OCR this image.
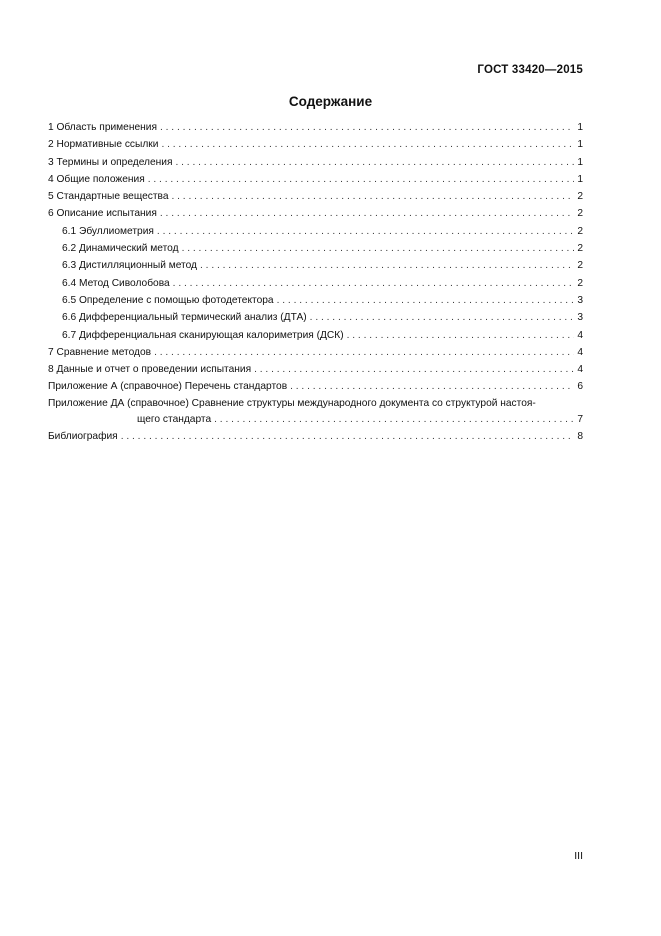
ГОСТ 33420—2015
Содержание
1 Область применения . . .	1
2 Нормативные ссылки . . .	1
3 Термины и определения . . .	1
4 Общие положения . . .	1
5 Стандартные вещества . . .	2
6 Описание испытания . . .	2
6.1 Эбуллиометрия . . .	2
6.2 Динамический метод . . .	2
6.3 Дистилляционный метод . . .	2
6.4 Метод Сиволобова . . .	2
6.5 Определение с помощью фотодетектора . . .	3
6.6 Дифференциальный термический анализ (ДТА) . . .	3
6.7 Дифференциальная сканирующая калориметрия (ДСК) . . .	4
7 Сравнение методов . . .	4
8 Данные и отчет о проведении испытания . . .	4
Приложение А (справочное) Перечень стандартов . . .	6
Приложение ДА (справочное) Сравнение структуры международного документа со структурой настоя-
щего стандарта . . .	7
Библиография . . .	8
III
